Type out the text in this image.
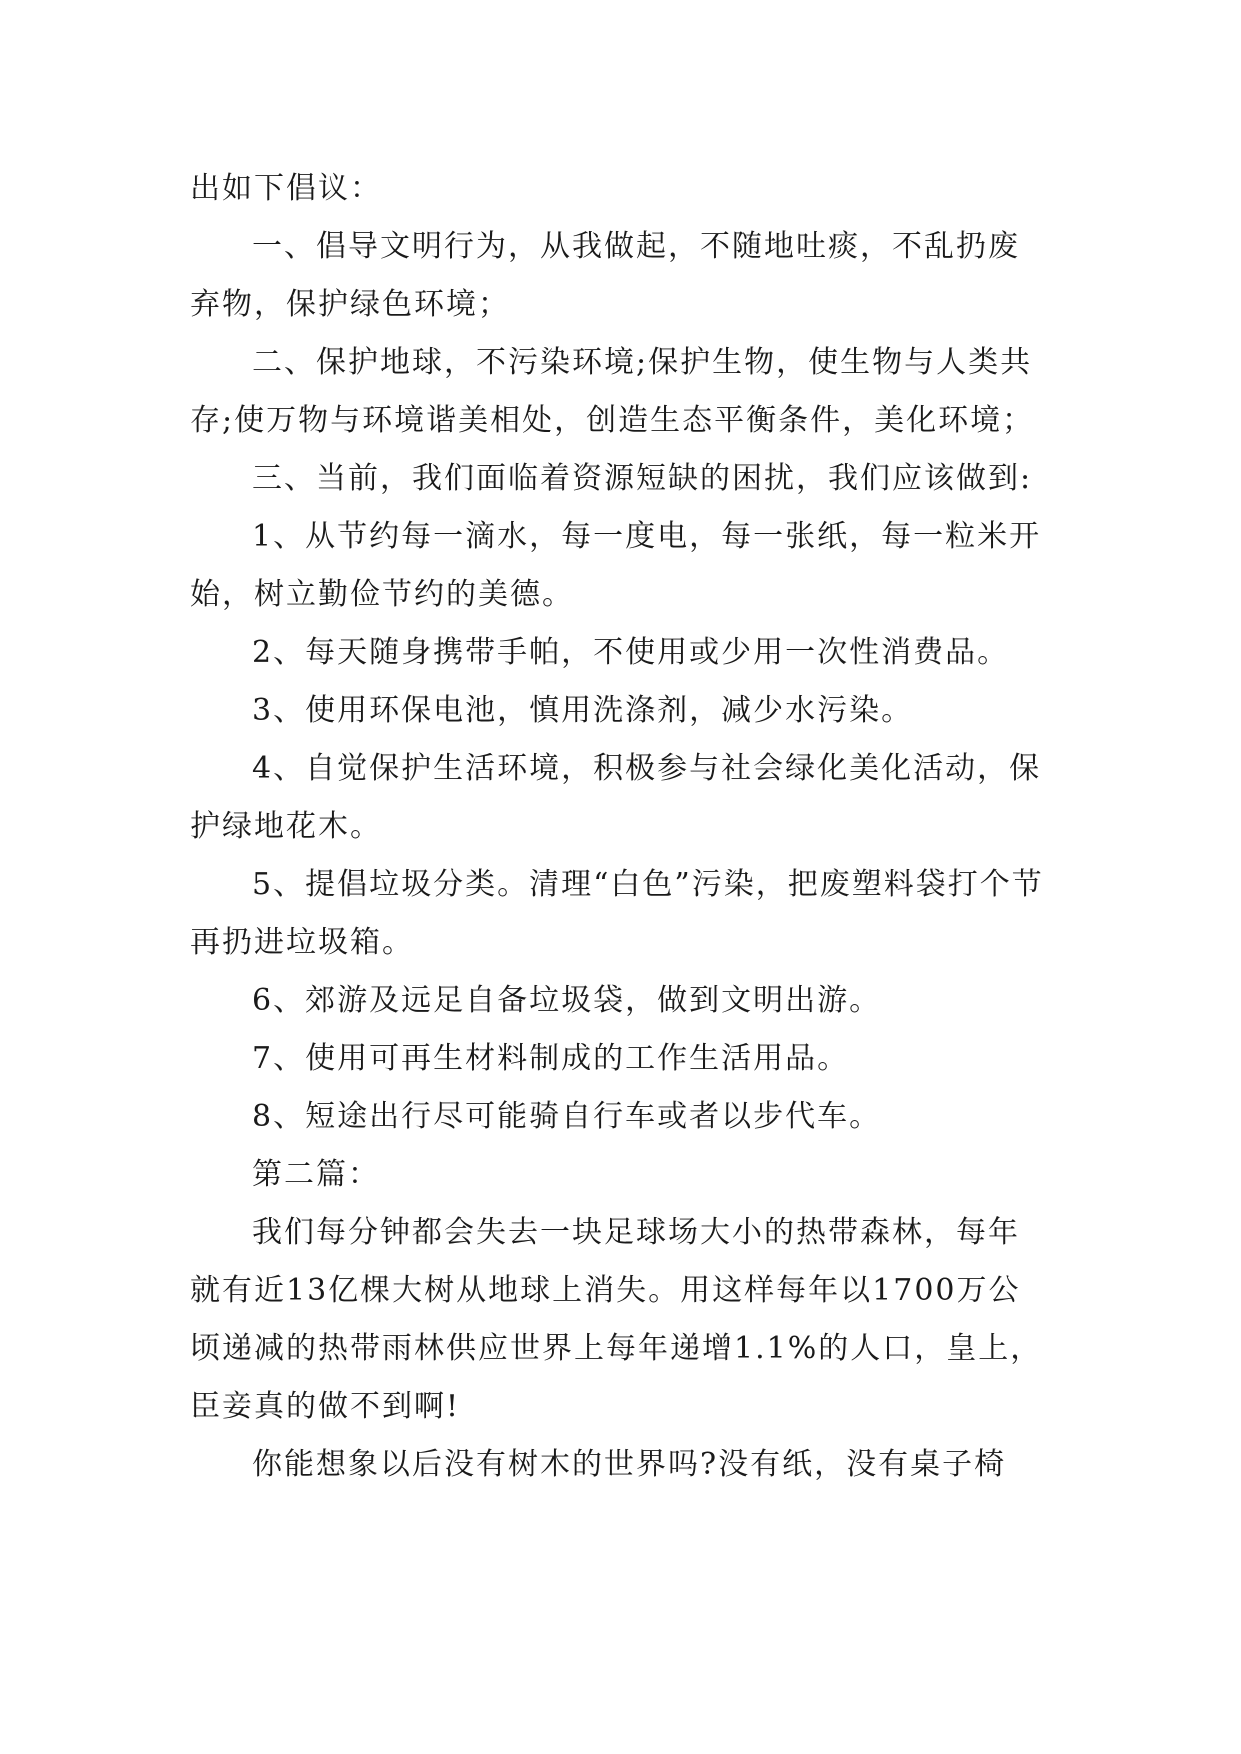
出如下倡议：

一、倡导文明行为，从我做起，不随地吐痰，不乱扔废弃物，保护绿色环境；

二、保护地球，不污染环境;保护生物，使生物与人类共存;使万物与环境谐美相处，创造生态平衡条件，美化环境；

三、当前，我们面临着资源短缺的困扰，我们应该做到:

1、从节约每一滴水，每一度电，每一张纸，每一粒米开始，树立勤俭节约的美德。

2、每天随身携带手帕，不使用或少用一次性消费品。

3、使用环保电池，慎用洗涤剂，减少水污染。

4、自觉保护生活环境，积极参与社会绿化美化活动，保护绿地花木。

5、提倡垃圾分类。清理“白色”污染，把废塑料袋打个节再扔进垃圾箱。

6、郊游及远足自备垃圾袋，做到文明出游。

7、使用可再生材料制成的工作生活用品。

8、短途出行尽可能骑自行车或者以步代车。

第二篇：

我们每分钟都会失去一块足球场大小的热带森林，每年就有近13亿棵大树从地球上消失。用这样每年以1700万公顷递减的热带雨林供应世界上每年递增1.1%的人口，皇上，臣妾真的做不到啊!

你能想象以后没有树木的世界吗?没有纸，没有桌子椅
